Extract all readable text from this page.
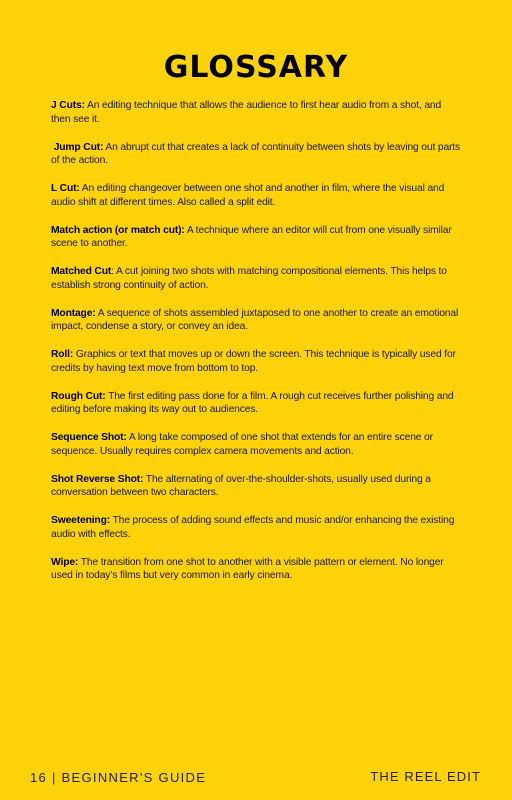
GLOSSARY

J Cuts: An editing technique that allows the audience to first hear audio from a shot, and then see it.

Jump Cut: An abrupt cut that creates a lack of continuity between shots by leaving out parts of the action.

L Cut: An editing changeover between one shot and another in film, where the visual and audio shift at different times. Also called a split edit.

Match action (or match cut): A technique where an editor will cut from one visually similar scene to another.

Matched Cut: A cut joining two shots with matching compositional elements. This helps to establish strong continuity of action.

Montage: A sequence of shots assembled juxtaposed to one another to create an emotional impact, condense a story, or convey an idea.

Roll: Graphics or text that moves up or down the screen. This technique is typically used for credits by having text move from bottom to top.

Rough Cut: The first editing pass done for a film. A rough cut receives further polishing and editing before making its way out to audiences.

Sequence Shot: A long take composed of one shot that extends for an entire scene or sequence. Usually requires complex camera movements and action.

Shot Reverse Shot: The alternating of over-the-shoulder-shots, usually used during a conversation between two characters.

Sweetening: The process of adding sound effects and music and/or enhancing the existing audio with effects.

Wipe: The transition from one shot to another with a visible pattern or element. No longer used in today’s films but very common in early cinema.

16 | BEGINNER'S GUIDE	THE REEL EDIT
